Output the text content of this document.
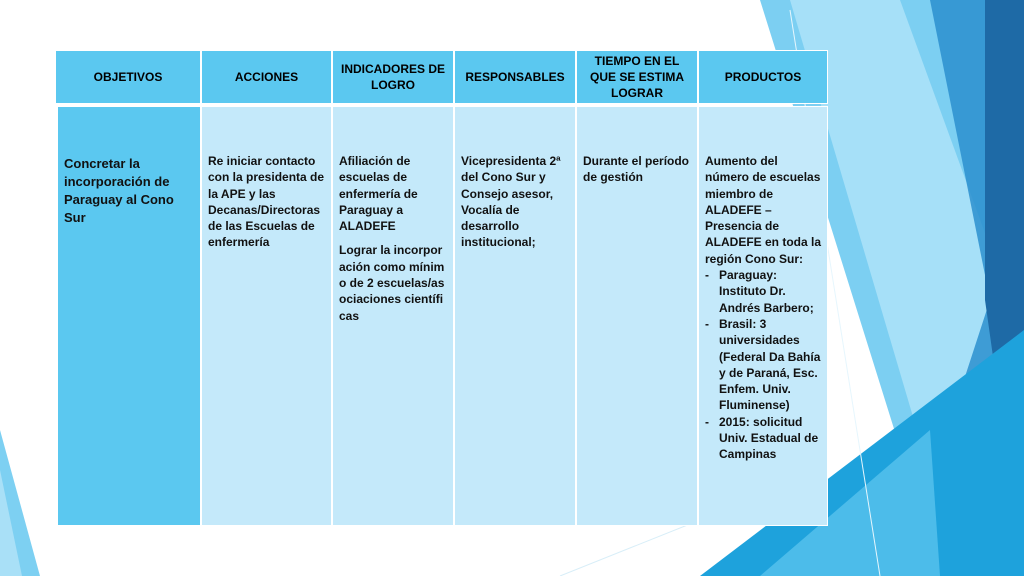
OBJETIVOS	ACCIONES
INDICADORES DE LOGRO
RESPONSABLES
TIEMPO EN EL QUE SE ESTIMA LOGRAR
PRODUCTOS
Concretar la incorporación de Paraguay al Cono Sur
Re iniciar contacto con la presidenta de la APE y las Decanas/Directoras de las Escuelas de enfermería

Afiliación de escuelas de enfermería de Paraguay a ALADEFE

Lograr la incorporación como mínimo de 2 escuelas/asociaciones científicas

Vicepresidenta 2ª del Cono Sur y Consejo asesor, Vocalía de desarrollo institucional;
Durante el período de gestión
Aumento del número de escuelas miembro de ALADEFE – Presencia de ALADEFE en toda la región Cono Sur:
- Paraguay: Instituto Dr. Andrés Barbero;
- Brasil: 3 universidades (Federal Da Bahía y de Paraná, Esc. Enfem. Univ. Fluminense)
- 2015: solicitud Univ. Estadual de Campinas
